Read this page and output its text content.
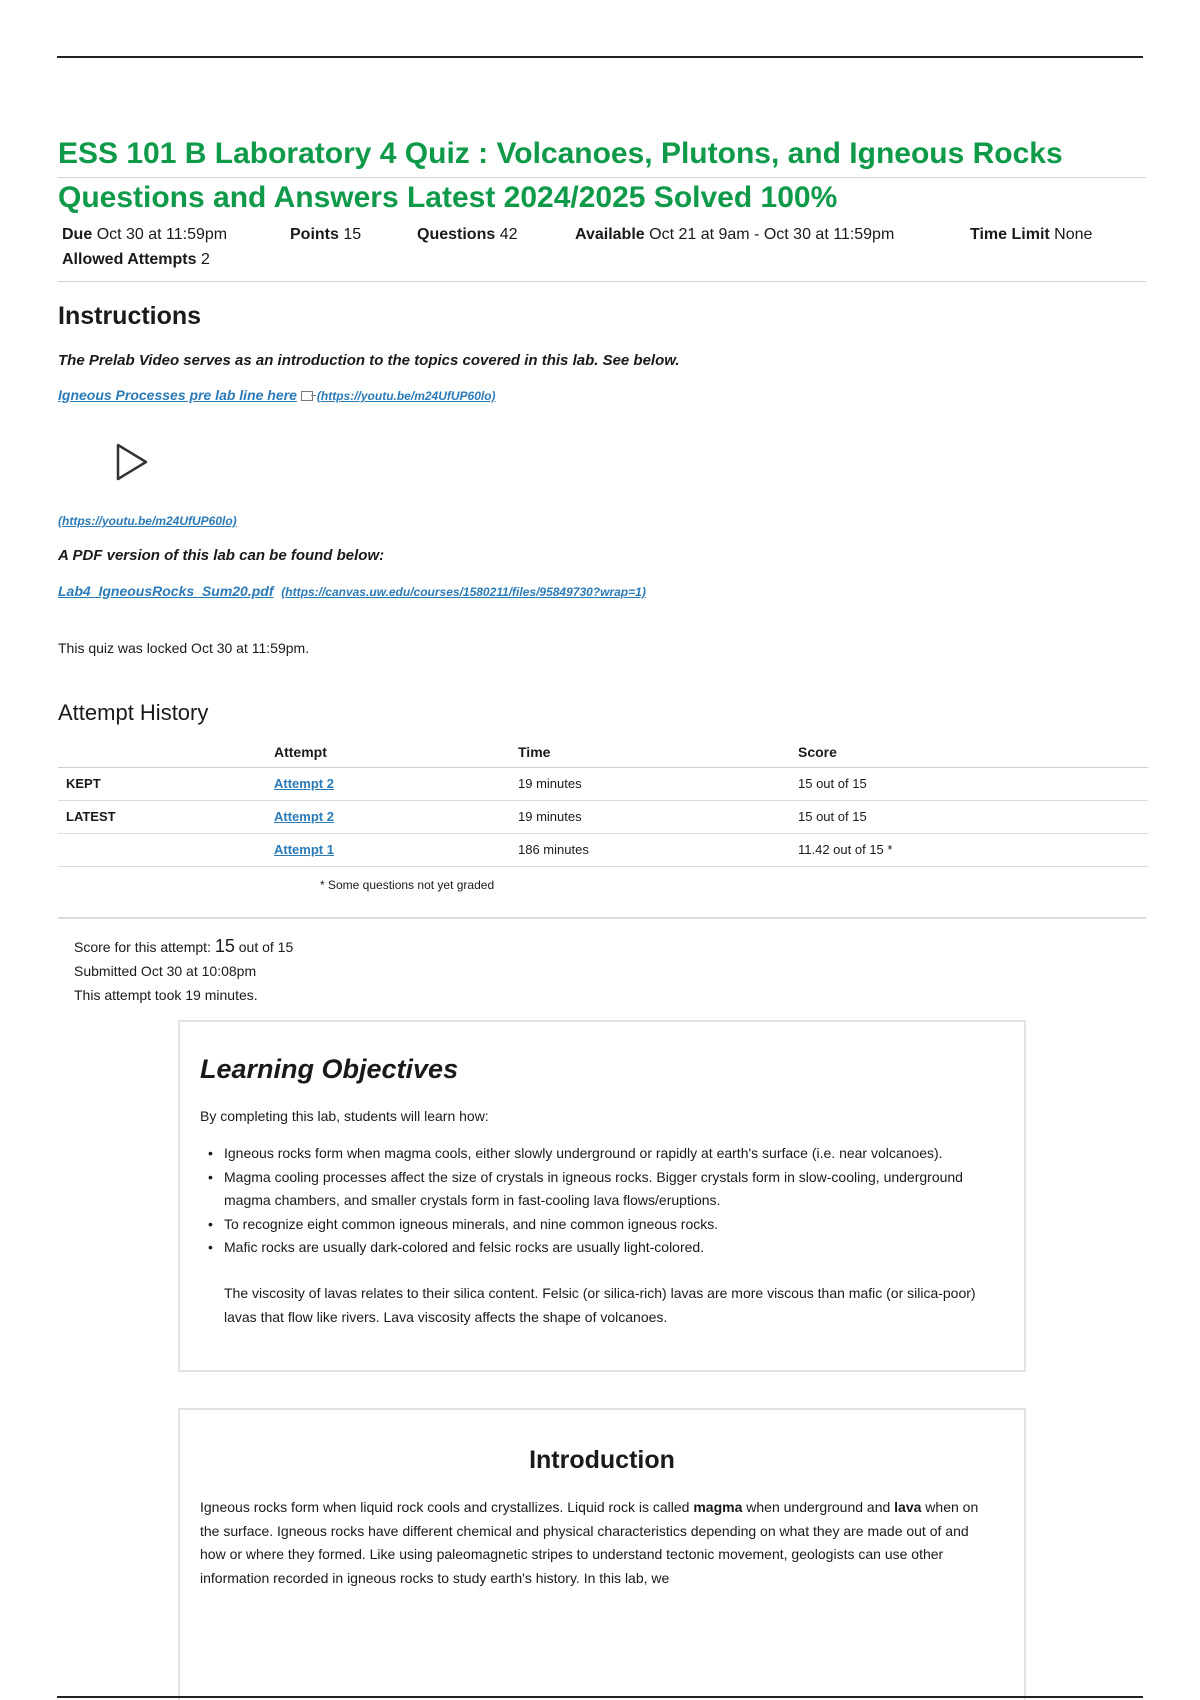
ESS 101 B Laboratory 4 Quiz : Volcanoes, Plutons, and Igneous Rocks
Questions and Answers Latest 2024/2025 Solved 100%
Due Oct 30 at 11:59pm	Points 15	Questions 42	Available Oct 21 at 9am - Oct 30 at 11:59pm	Time Limit None
Allowed Attempts 2
Instructions
The Prelab Video serves as an introduction to the topics covered in this lab. See below.
Igneous Processes pre lab line here (https://youtu.be/m24UfUP60lo)
(https://youtu.be/m24UfUP60lo)
A PDF version of this lab can be found below:
Lab4_IgneousRocks_Sum20.pdf (https://canvas.uw.edu/courses/1580211/files/95849730?wrap=1)
This quiz was locked Oct 30 at 11:59pm.
Attempt History
	Attempt	Time	Score
KEPT	Attempt 2	19 minutes	15 out of 15
LATEST	Attempt 2	19 minutes	15 out of 15
	Attempt 1	186 minutes	11.42 out of 15 *
* Some questions not yet graded
Score for this attempt: 15 out of 15
Submitted Oct 30 at 10:08pm
This attempt took 19 minutes.
Learning Objectives
By completing this lab, students will learn how:
• Igneous rocks form when magma cools, either slowly underground or rapidly at earth's surface (i.e. near volcanoes).
• Magma cooling processes affect the size of crystals in igneous rocks. Bigger crystals form in slow-cooling, underground magma chambers, and smaller crystals form in fast-cooling lava flows/eruptions.
• To recognize eight common igneous minerals, and nine common igneous rocks.
• Mafic rocks are usually dark-colored and felsic rocks are usually light-colored.
The viscosity of lavas relates to their silica content. Felsic (or silica-rich) lavas are more viscous than mafic (or silica-poor) lavas that flow like rivers. Lava viscosity affects the shape of volcanoes.
Introduction
Igneous rocks form when liquid rock cools and crystallizes. Liquid rock is called magma when underground and lava when on the surface. Igneous rocks have different chemical and physical characteristics depending on what they are made out of and how or where they formed. Like using paleomagnetic stripes to understand tectonic movement, geologists can use other information recorded in igneous rocks to study earth's history. In this lab, we
